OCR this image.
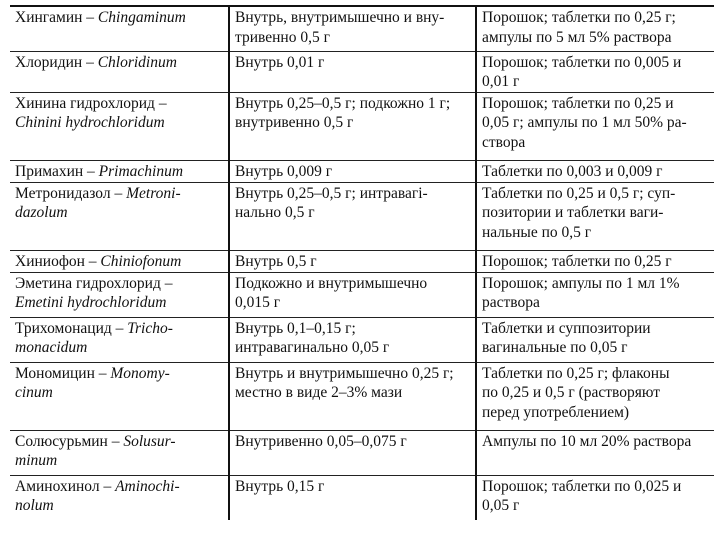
Хингамин – Chingaminum	Внутрь, внутримышечно и вну-
тривенно 0,5 г	Порошок; таблетки по 0,25 г;
ампулы по 5 мл 5% раствора

Хлоридин – Chloridinum	Внутрь 0,01 г	Порошок; таблетки по 0,005 и
0,01 г

Хинина гидрохлорид –
Chinini hydrochloridum	Внутрь 0,25–0,5 г; подкожно 1 г;
внутривенно 0,5 г	Порошок; таблетки по 0,25 и
0,05 г; ампулы по 1 мл 50% ра-
створа

Примахин – Primachinum	Внутрь 0,009 г	Таблетки по 0,003 и 0,009 г

Метронидазол – Metroni-
dazolum	Внутрь 0,25–0,5 г; интравагі-
нально 0,5 г	Таблетки по 0,25 и 0,5 г; суп-
позитории и таблетки ваги-
нальные по 0,5 г

Хиниофон – Chiniofonum	Внутрь 0,5 г	Порошок; таблетки по 0,25 г

Эметина гидрохлорид –
Emetini hydrochloridum	Подкожно и внутримышечно
0,015 г	Порошок; ампулы по 1 мл 1%
раствора

Трихомонацид – Tricho-
monacidum	Внутрь 0,1–0,15 г;
интравагинально 0,05 г	Таблетки и суппозитории
вагинальные по 0,05 г

Мономицин – Monomy-
cinum	Внутрь и внутримышечно 0,25 г;
местно в виде 2–3% мази	Таблетки по 0,25 г; флаконы
по 0,25 и 0,5 г (растворяют
перед употреблением)

Солюсурьмин – Solusur-
minum	Внутривенно 0,05–0,075 г	Ампулы по 10 мл 20% раствора

Аминохинол – Aminochi-
nolum	Внутрь 0,15 г	Порошок; таблетки по 0,025 и
0,05 г
